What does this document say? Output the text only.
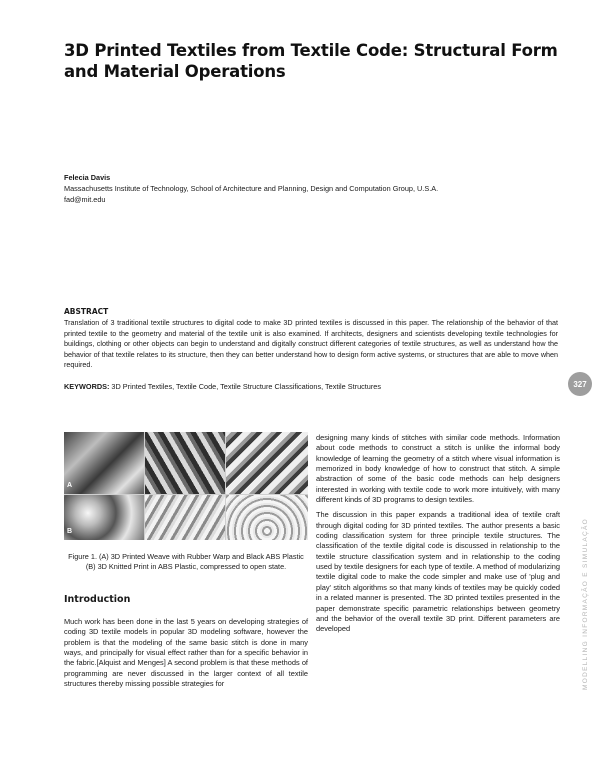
3D Printed Textiles from Textile Code: Structural Form and Material Operations
Felecia Davis
Massachusetts Institute of Technology, School of Architecture and Planning, Design and Computation Group, U.S.A.
fad@mit.edu
ABSTRACT
Translation of 3 traditional textile structures to digital code to make 3D printed textiles is discussed in this paper. The relationship of the behavior of that printed textile to the geometry and material of the textile unit is also examined. If architects, designers and scientists developing textile technologies for buildings, clothing or other objects can begin to understand and digitally construct different categories of textile structures, as well as understand how the behavior of that textile relates to its structure, then they can better understand how to design form active systems, or structures that are able to move when required.
KEYWORDS: 3D Printed Textiles, Textile Code, Textile Structure Classifications, Textile Structures	327
A
B
Figure 1. (A) 3D Printed Weave with Rubber Warp and Black ABS Plastic (B) 3D Knitted Print in ABS Plastic, compressed to open state.
Introduction

Much work has been done in the last 5 years on developing strategies of coding 3D textile models in popular 3D modeling software, however the problem is that the modeling of the same basic stitch is done in many ways, and principally for visual effect rather than for a specific behavior in the fabric.[Alquist and Menges] A second problem is that these methods of programming are never discussed in the larger context of all textile structures thereby missing possible strategies for

designing many kinds of stitches with similar code methods. Information about code methods to construct a stitch is unlike the informal body knowledge of learning the geometry of a stitch where visual information is memorized in body knowledge of how to construct that stitch. A simple abstraction of some of the basic code methods can help designers interested in working with textile code to work more intuitively, with many different kinds of 3D programs to design textiles.

The discussion in this paper expands a traditional idea of textile craft through digital coding for 3D printed textiles. The author presents a basic coding classification system for three principle textile structures. The classification of the textile digital code is discussed in relationship to the textile structure classification system and in relationship to the coding used by textile designers for each type of textile. A method of modularizing textile digital code to make the code simpler and make use of 'plug and play' stitch algorithms so that many kinds of textiles may be quickly coded in a related manner is presented. The 3D printed textiles presented in the paper demonstrate specific parametric relationships between geometry and the behavior of the overall textile 3D print. Different parameters are developed	MODELLING INFORMAÇÃO E SIMULAÇÃO
